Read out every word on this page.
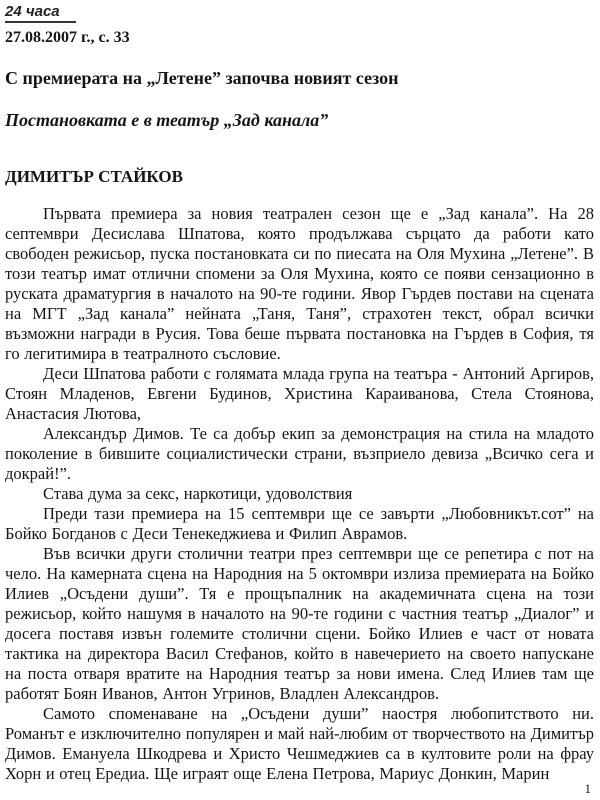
24 часа
27.08.2007 г., с. 33
С премиерата на „Летене” започва новият сезон
Постановката е в театър „Зад канала”
ДИМИТЪР СТАЙКОВ

Първата премиера за новия театрален сезон ще е „Зад канала”. На 28 септември Десислава Шпатова, която продължава сърцато да работи като свободен режисьор, пуска постановката си по пиесата на Оля Мухина „Летене”. В този театър имат отлични спомени за Оля Мухина, която се появи сензационно в руската драматургия в началото на 90-те години. Явор Гърдев постави на сцената на МГТ „Зад канала” нейната „Таня, Таня”, страхотен текст, обрал всички възможни награди в Русия. Това беше първата постановка на Гърдев в София, тя го легитимира в театралното съсловие.

Деси Шпатова работи с голямата млада група на театъра - Антоний Аргиров, Стоян Младенов, Евгени Будинов, Христина Караиванова, Стела Стоянова, Анастасия Лютова,

Александър Димов. Те са добър екип за демонстрация на стила на младото поколение в бившите социалистически страни, възприело девиза „Всичко сега и докрай!”.

Става дума за секс, наркотици, удоволствия

Преди тази премиера на 15 септември ще се завърти „Любовникът.сот” на Бойко Богданов с Деси Тенекеджиева и Филип Аврамов.

Във всички други столични театри през септември ще се репетира с пот на чело. На камерната сцена на Народния на 5 октомври излиза премиерата на Бойко Илиев „Осъдени души”. Тя е прощъпалник на академичната сцена на този режисьор, който нашумя в началото на 90-те години с частния театър „Диалог” и досега поставя извън големите столични сцени. Бойко Илиев е част от новата тактика на директора Васил Стефанов, който в навечерието на своето напускане на поста отваря вратите на Народния театър за нови имена. След Илиев там ще работят Боян Иванов, Антон Угринов, Владлен Александров.

Самото споменаване на „Осъдени души” наостря любопитството ни. Романът е изключително популярен и май най-любим от творчеството на Димитър Димов. Емануела Шкодрева и Христо Чешмеджиев са в култовите роли на фрау Хорн и отец Ередиа. Ще играят още Елена Петрова, Мариус Донкин, Марин

1
